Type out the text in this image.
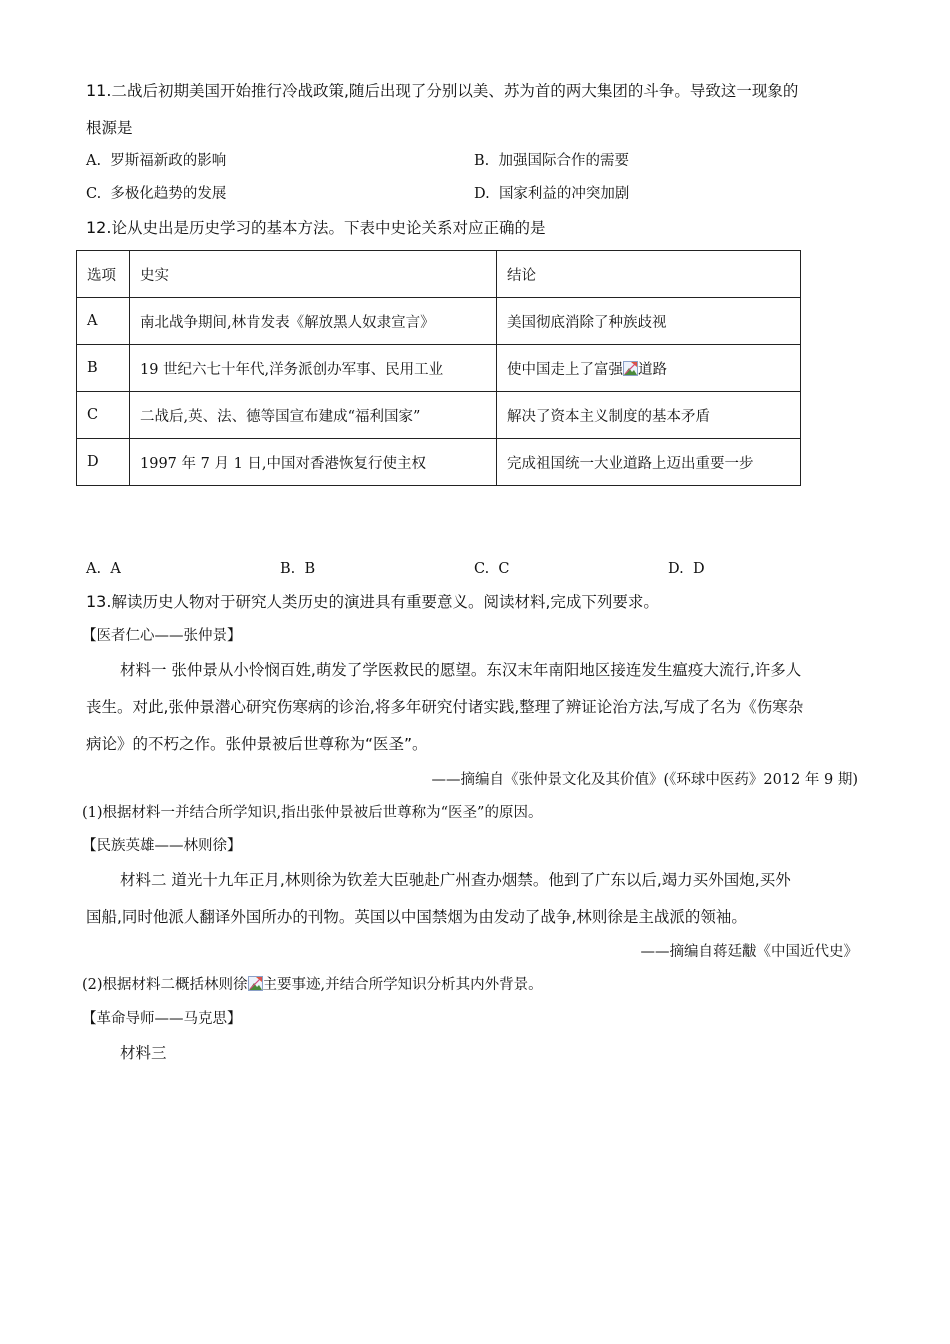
11.二战后初期美国开始推行冷战政策,随后出现了分别以美、苏为首的两大集团的斗争。导致这一现象的
根源是
A. 罗斯福新政的影响	B. 加强国际合作的需要
C. 多极化趋势的发展	D. 国家利益的冲突加剧
12.论从史出是历史学习的基本方法。下表中史论关系对应正确的是
选项	史实	结论
A	南北战争期间,林肯发表《解放黑人奴隶宣言》	美国彻底消除了种族歧视
B	19 世纪六七十年代,洋务派创办军事、民用工业	使中国走上了富强 道路
C	二战后,英、法、德等国宣布建成“福利国家”	解决了资本主义制度的基本矛盾
D	1997 年 7 月 1 日,中国对香港恢复行使主权	完成祖国统一大业道路上迈出重要一步
A. A	B. B	C. C	D. D
13.解读历史人物对于研究人类历史的演进具有重要意义。阅读材料,完成下列要求。
【医者仁心——张仲景】
材料一 张仲景从小怜悯百姓,萌发了学医救民的愿望。东汉末年南阳地区接连发生瘟疫大流行,许多人
丧生。对此,张仲景潜心研究伤寒病的诊治,将多年研究付诸实践,整理了辨证论治方法,写成了名为《伤寒杂
病论》的不朽之作。张仲景被后世尊称为“医圣”。
——摘编自《张仲景文化及其价值》(《环球中医药》2012 年 9 期)
(1)根据材料一并结合所学知识,指出张仲景被后世尊称为“医圣”的原因。
【民族英雄——林则徐】
材料二 道光十九年正月,林则徐为钦差大臣驰赴广州查办烟禁。他到了广东以后,竭力买外国炮,买外
国船,同时他派人翻译外国所办的刊物。英国以中国禁烟为由发动了战争,林则徐是主战派的领袖。
——摘编自蒋廷黻《中国近代史》
(2)根据材料二概括林则徐 主要事迹,并结合所学知识分析其内外背景。
【革命导师——马克思】
材料三
